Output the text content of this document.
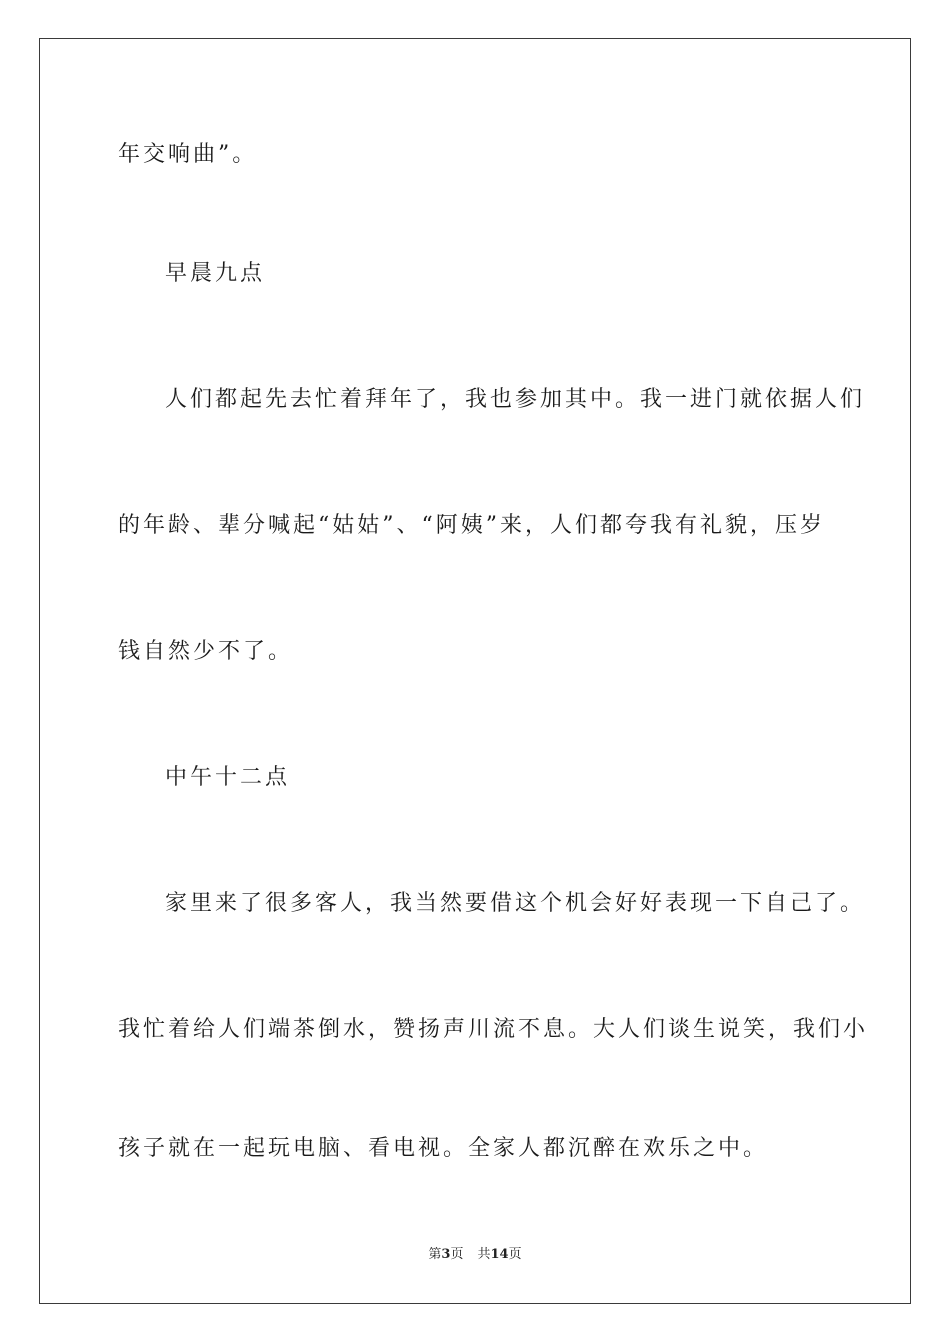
年交响曲”。
早晨九点
人们都起先去忙着拜年了，我也参加其中。我一进门就依据人们
的年龄、辈分喊起“姑姑”、“阿姨”来，人们都夸我有礼貌，压岁
钱自然少不了。
中午十二点
家里来了很多客人，我当然要借这个机会好好表现一下自己了。
我忙着给人们端茶倒水，赞扬声川流不息。大人们谈生说笑，我们小
孩子就在一起玩电脑、看电视。全家人都沉醉在欢乐之中。
第3页 共14页
